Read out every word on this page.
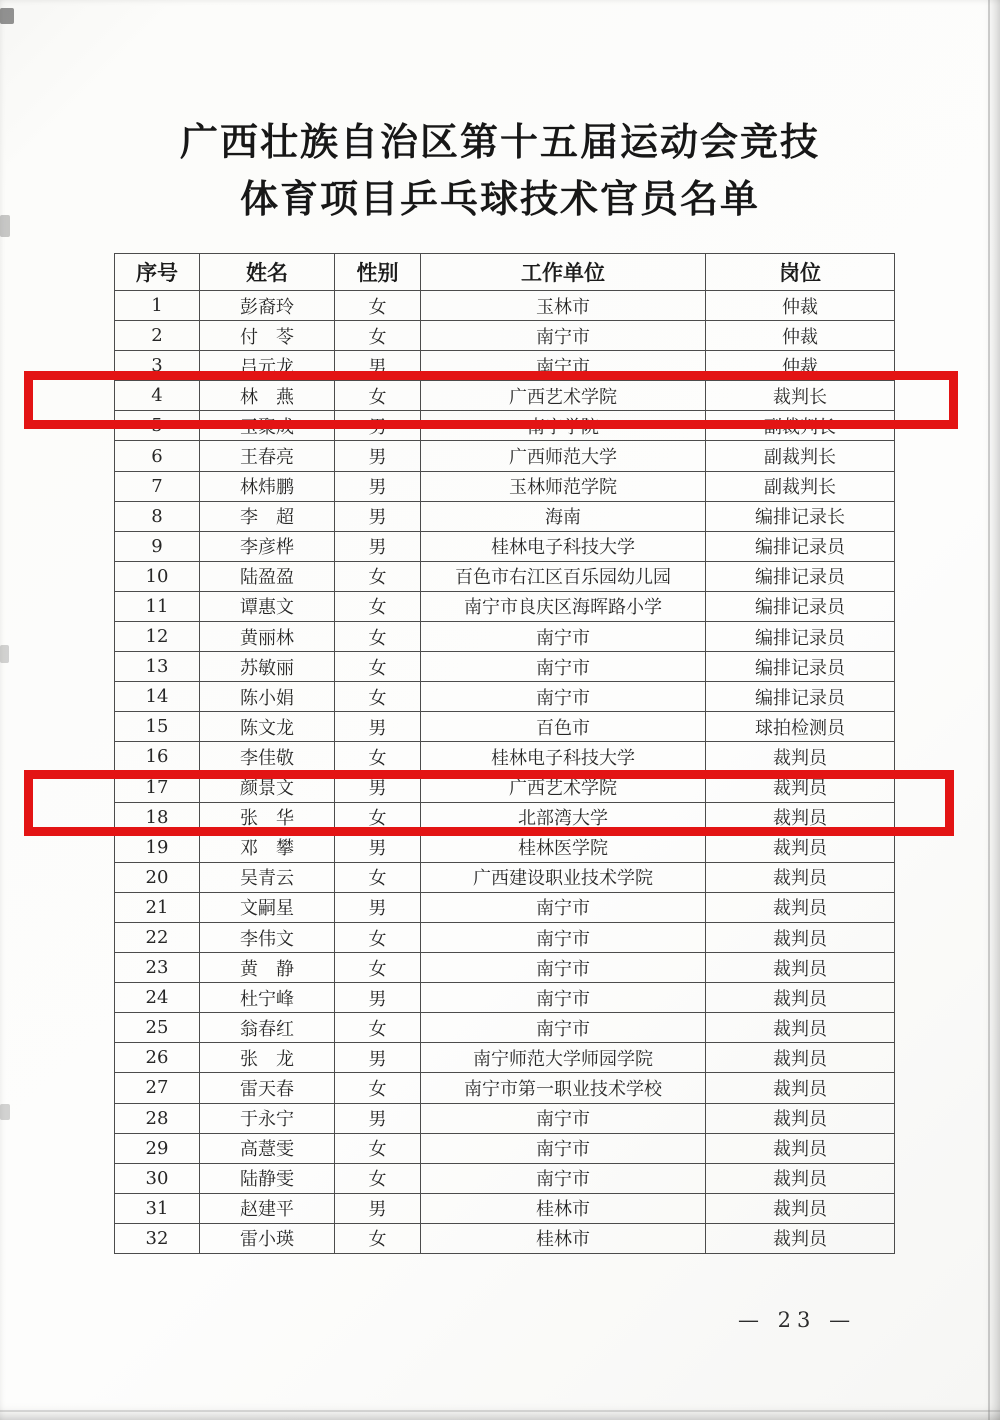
广西壮族自治区第十五届运动会竞技
体育项目乒乓球技术官员名单
序号	姓名	性别	工作单位	岗位
1	彭裔玲	女	玉林市	仲裁
2	付　苓	女	南宁市	仲裁
3	吕元龙	男	南宁市	仲裁
4	林　燕	女	广西艺术学院	裁判长
5	玉聚成	男	南宁学院	副裁判长
6	王春亮	男	广西师范大学	副裁判长
7	林炜鹏	男	玉林师范学院	副裁判长
8	李　超	男	海南	编排记录长
9	李彦桦	男	桂林电子科技大学	编排记录员
10	陆盈盈	女	百色市右江区百乐园幼儿园	编排记录员
11	谭惠文	女	南宁市良庆区海晖路小学	编排记录员
12	黄丽林	女	南宁市	编排记录员
13	苏敏丽	女	南宁市	编排记录员
14	陈小娟	女	南宁市	编排记录员
15	陈文龙	男	百色市	球拍检测员
16	李佳敬	女	桂林电子科技大学	裁判员
17	颜景文	男	广西艺术学院	裁判员
18	张　华	女	北部湾大学	裁判员
19	邓　攀	男	桂林医学院	裁判员
20	吴青云	女	广西建设职业技术学院	裁判员
21	文嗣星	男	南宁市	裁判员
22	李伟文	女	南宁市	裁判员
23	黄　静	女	南宁市	裁判员
24	杜宁峰	男	南宁市	裁判员
25	翁春红	女	南宁市	裁判员
26	张　龙	男	南宁师范大学师园学院	裁判员
27	雷天春	女	南宁市第一职业技术学校	裁判员
28	于永宁	男	南宁市	裁判员
29	高薏雯	女	南宁市	裁判员
30	陆静雯	女	南宁市	裁判员
31	赵建平	男	桂林市	裁判员
32	雷小瑛	女	桂林市	裁判员
— 23 —
